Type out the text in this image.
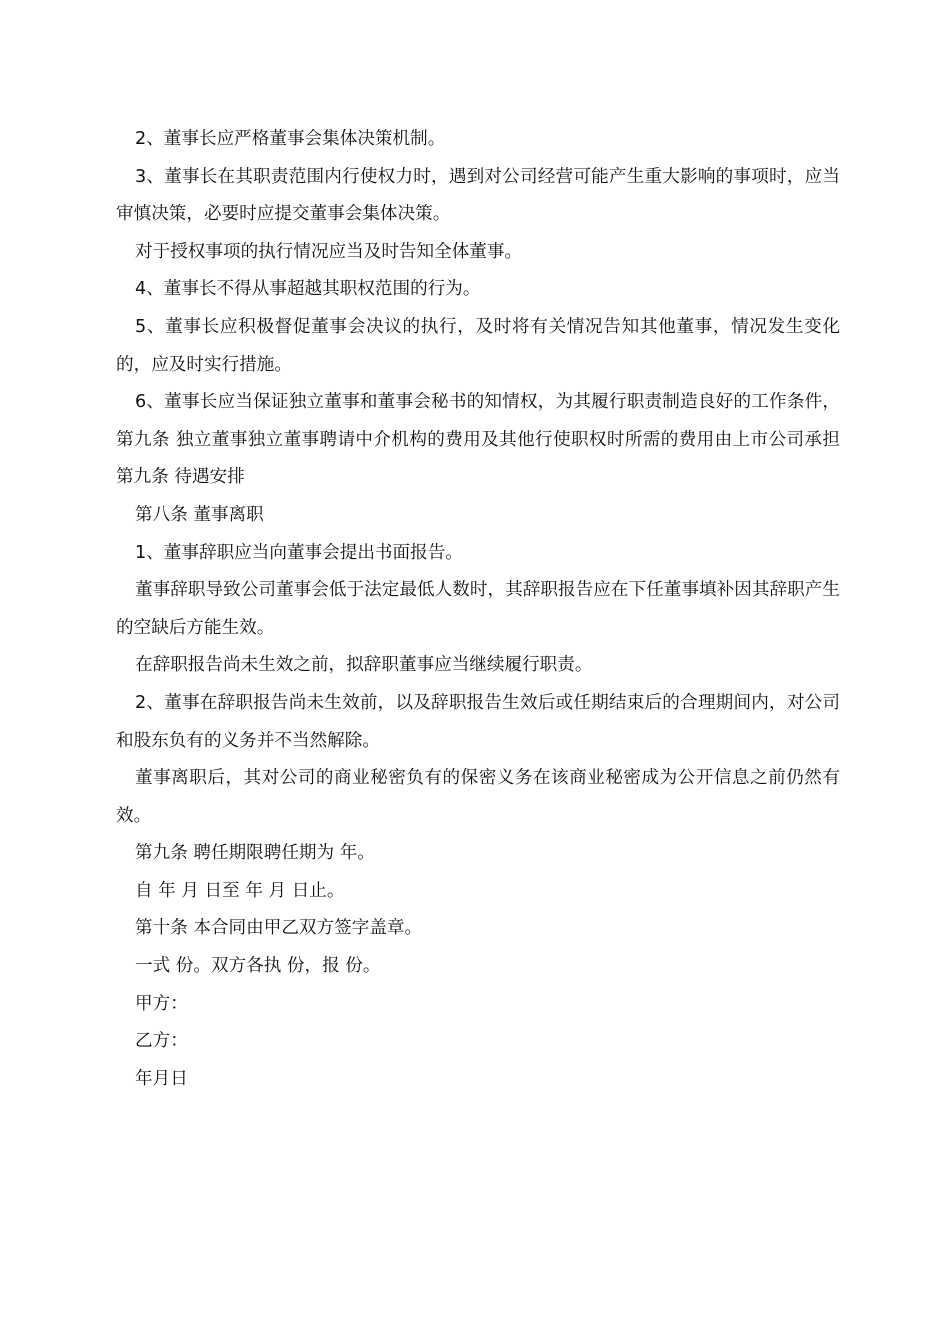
2、董事长应严格董事会集体决策机制。

3、董事长在其职责范围内行使权力时，遇到对公司经营可能产生重大影响的事项时，应当审慎决策，必要时应提交董事会集体决策。

对于授权事项的执行情况应当及时告知全体董事。

4、董事长不得从事超越其职权范围的行为。

5、董事长应积极督促董事会决议的执行，及时将有关情况告知其他董事，情况发生变化的，应及时实行措施。

6、董事长应当保证独立董事和董事会秘书的知情权，为其履行职责制造良好的工作条件，第九条 独立董事独立董事聘请中介机构的费用及其他行使职权时所需的费用由上市公司承担第九条 待遇安排

第八条 董事离职

1、董事辞职应当向董事会提出书面报告。

董事辞职导致公司董事会低于法定最低人数时，其辞职报告应在下任董事填补因其辞职产生的空缺后方能生效。

在辞职报告尚未生效之前，拟辞职董事应当继续履行职责。

2、董事在辞职报告尚未生效前，以及辞职报告生效后或任期结束后的合理期间内，对公司和股东负有的义务并不当然解除。

董事离职后，其对公司的商业秘密负有的保密义务在该商业秘密成为公开信息之前仍然有效。

第九条 聘任期限聘任期为 年。

自 年 月 日至 年 月 日止。

第十条 本合同由甲乙双方签字盖章。

一式 份。双方各执 份，报 份。

甲方：

乙方：

年月日
